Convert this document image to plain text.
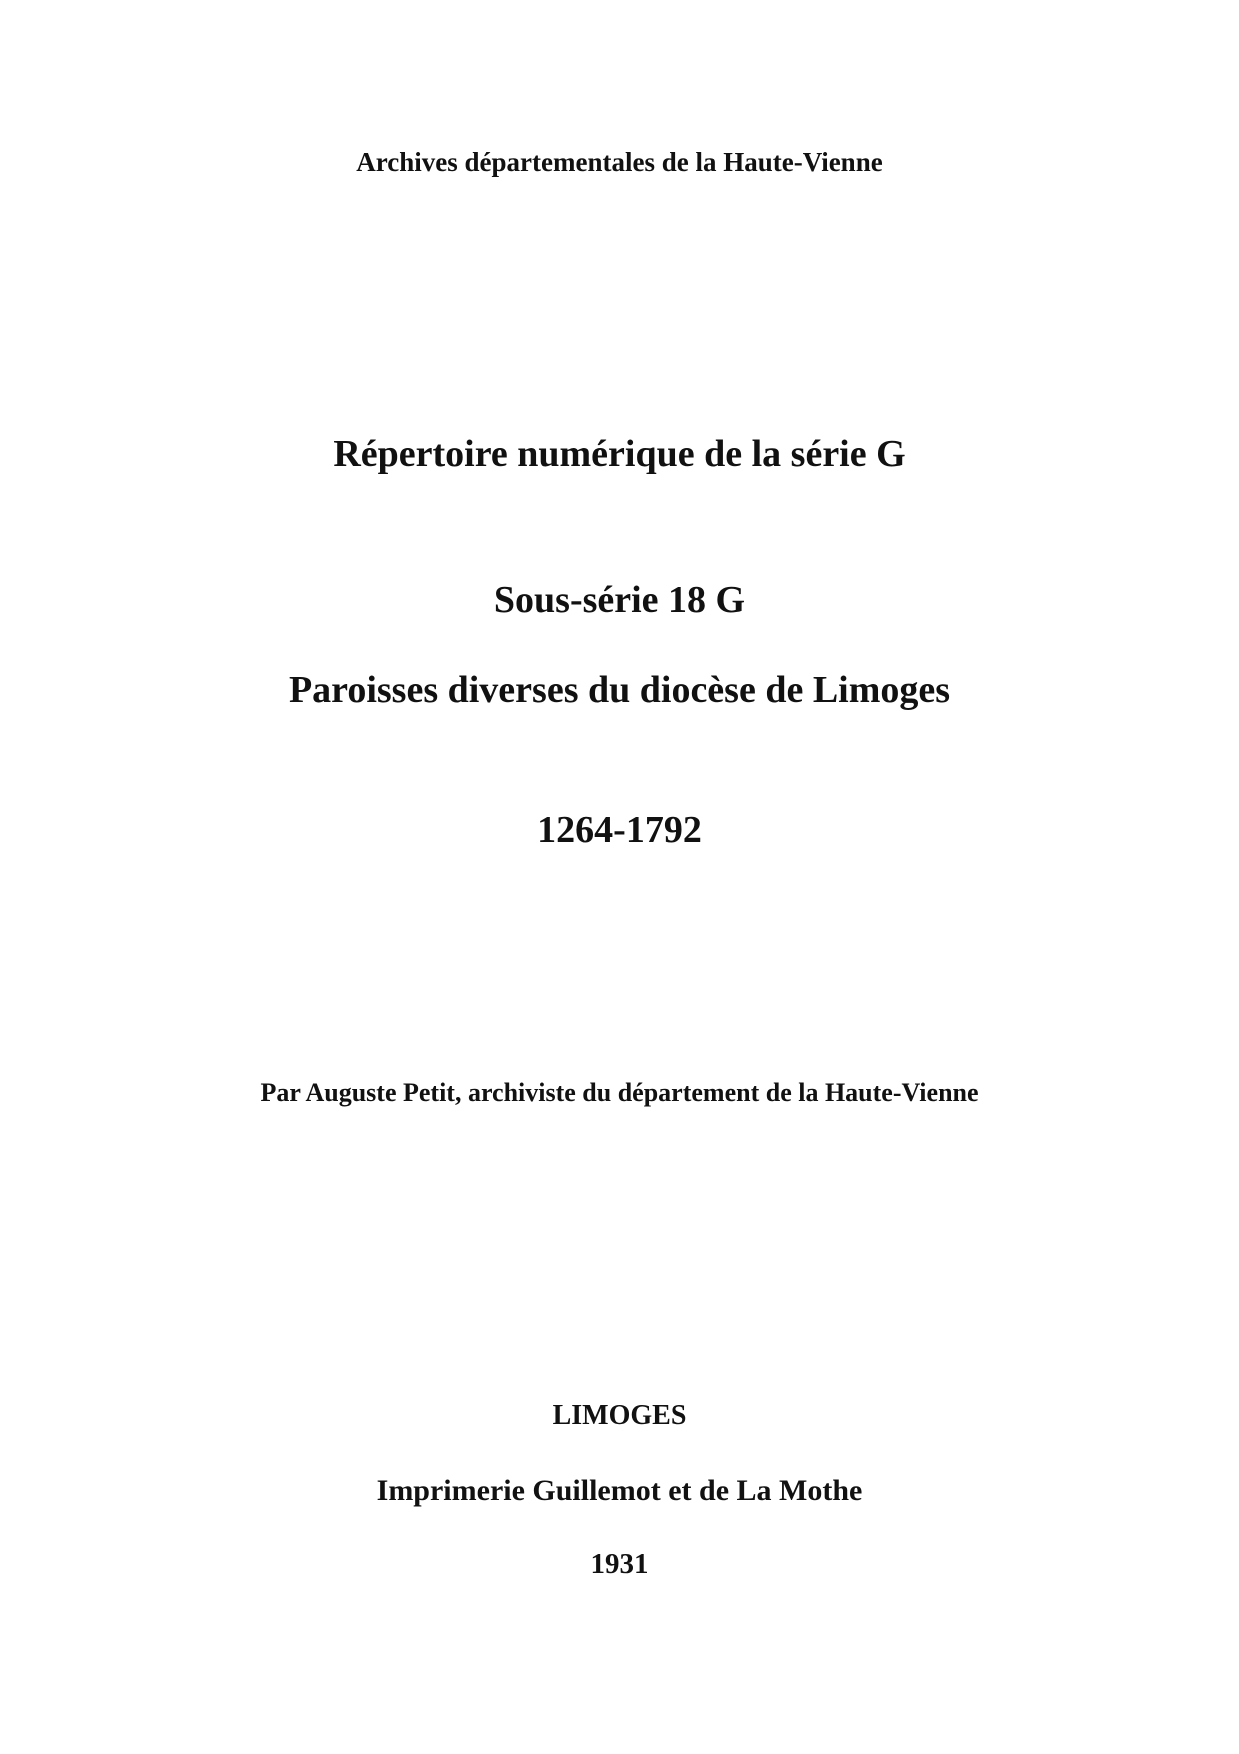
Archives départementales de la Haute-Vienne

Répertoire numérique de la série G
Sous-série 18 G
Paroisses diverses du diocèse de Limoges
1264-1792

Par Auguste Petit, archiviste du département de la Haute-Vienne

LIMOGES

Imprimerie Guillemot et de La Mothe

1931
